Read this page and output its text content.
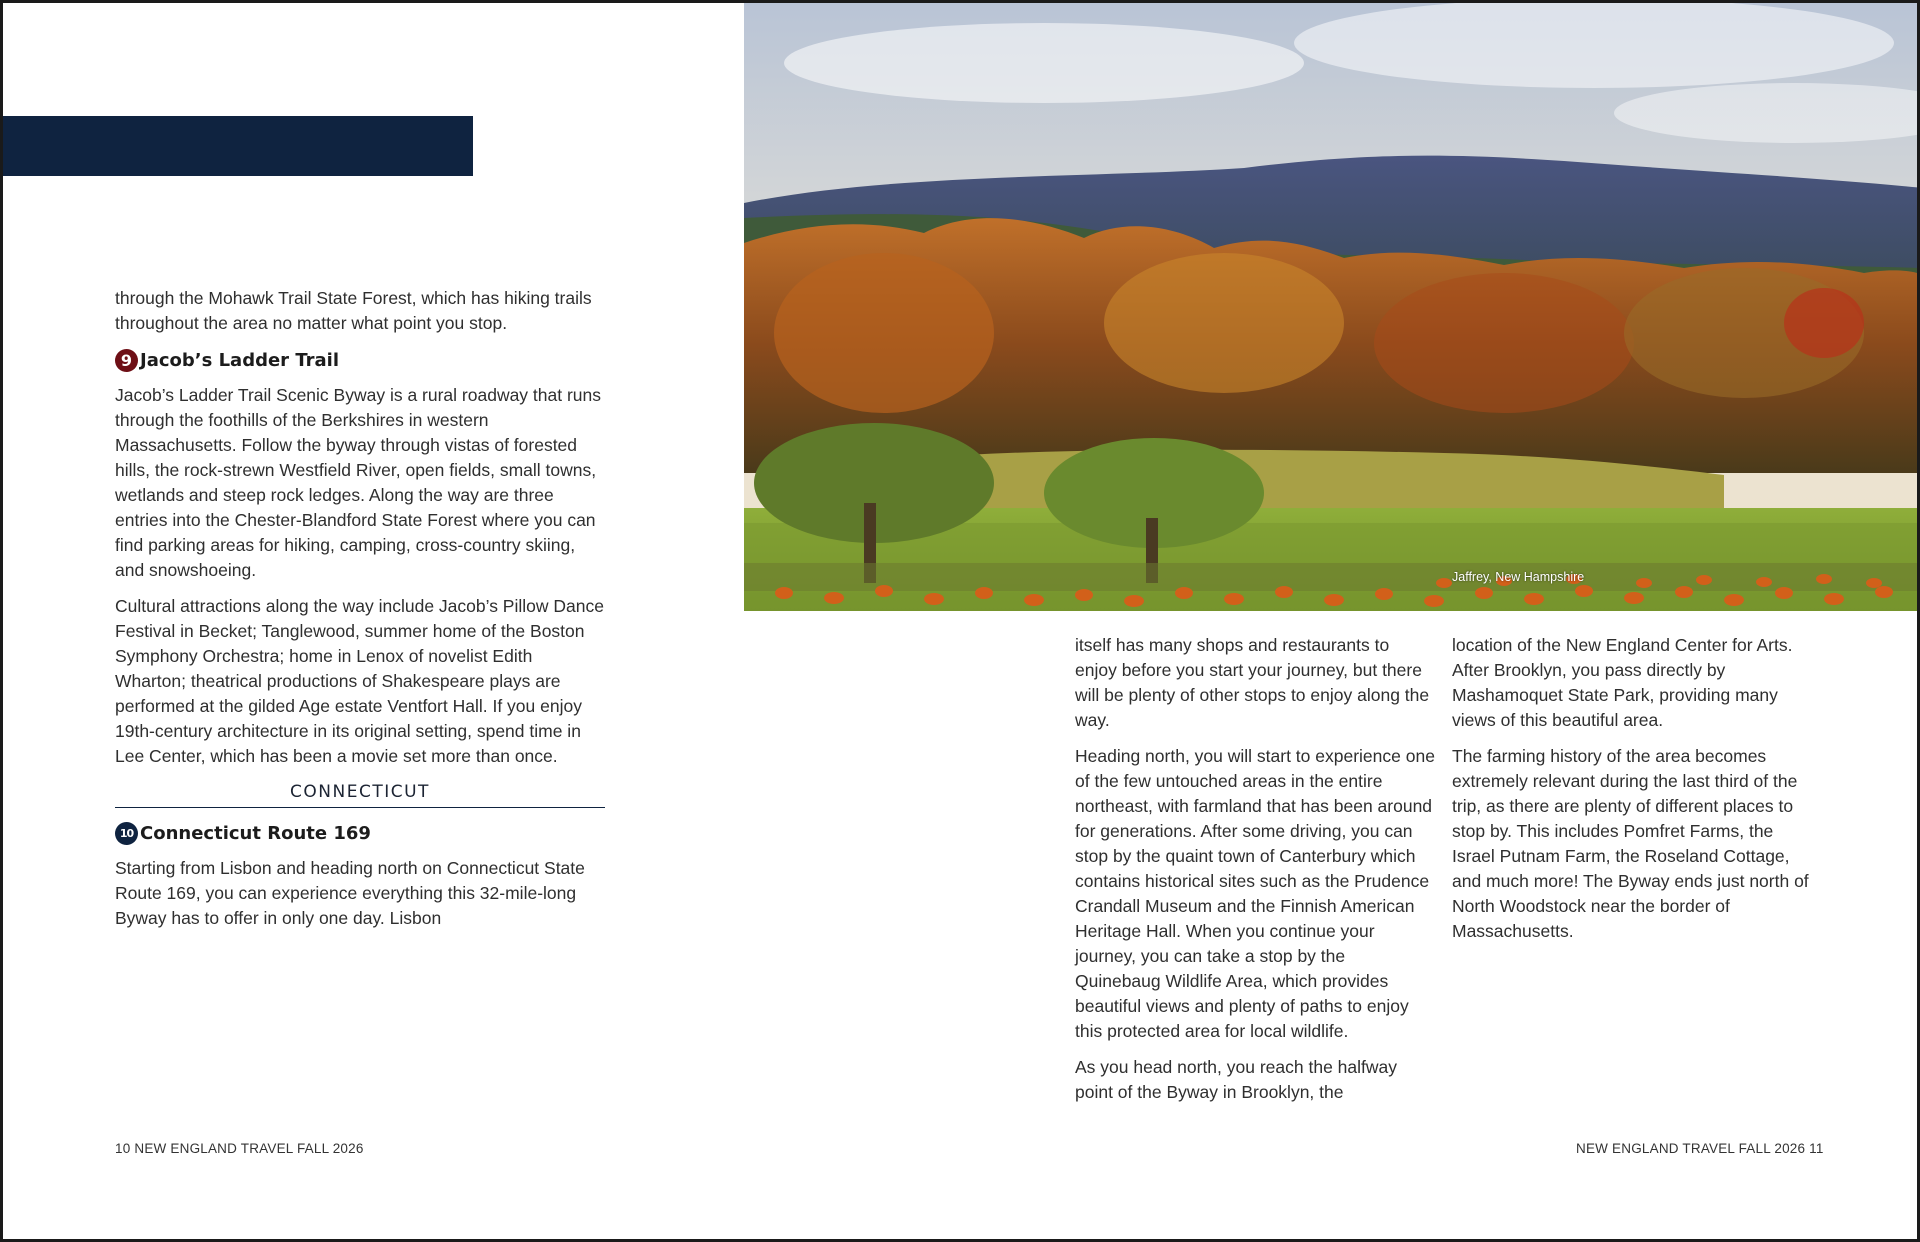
through the Mohawk Trail State Forest, which has hiking trails throughout the area no matter what point you stop.

9 Jacob’s Ladder Trail

Jacob’s Ladder Trail Scenic Byway is a rural roadway that runs through the foothills of the Berkshires in western Massachusetts. Follow the byway through vistas of forested hills, the rock-strewn Westfield River, open fields, small towns, wetlands and steep rock ledges. Along the way are three entries into the Chester-Blandford State Forest where you can find parking areas for hiking, camping, cross-country skiing, and snowshoeing.

Cultural attractions along the way include Jacob’s Pillow Dance Festival in Becket; Tanglewood, summer home of the Boston Symphony Orchestra; home in Lenox of novelist Edith Wharton; theatrical productions of Shakespeare plays are performed at the gilded Age estate Ventfort Hall. If you enjoy 19th-century architecture in its original setting, spend time in Lee Center, which has been a movie set more than once.

CONNECTICUT
10 Connecticut Route 169

Starting from Lisbon and heading north on Connecticut State Route 169, you can experience everything this 32-mile-long Byway has to offer in only one day. Lisbon

10 NEW ENGLAND TRAVEL FALL 2026
Jaffrey, New Hampshire

itself has many shops and restaurants to enjoy before you start your journey, but there will be plenty of other stops to enjoy along the way.

Heading north, you will start to experience one of the few untouched areas in the entire northeast, with farmland that has been around for generations. After some driving, you can stop by the quaint town of Canterbury which contains historical sites such as the Prudence Crandall Museum and the Finnish American Heritage Hall. When you continue your journey, you can take a stop by the Quinebaug Wildlife Area, which provides beautiful views and plenty of paths to enjoy this protected area for local wildlife.

As you head north, you reach the halfway point of the Byway in Brooklyn, the

location of the New England Center for Arts. After Brooklyn, you pass directly by Mashamoquet State Park, providing many views of this beautiful area.

The farming history of the area becomes extremely relevant during the last third of the trip, as there are plenty of different places to stop by. This includes Pomfret Farms, the Israel Putnam Farm, the Roseland Cottage, and much more! The Byway ends just north of North Woodstock near the border of Massachusetts.

NEW ENGLAND TRAVEL FALL 2026 11
